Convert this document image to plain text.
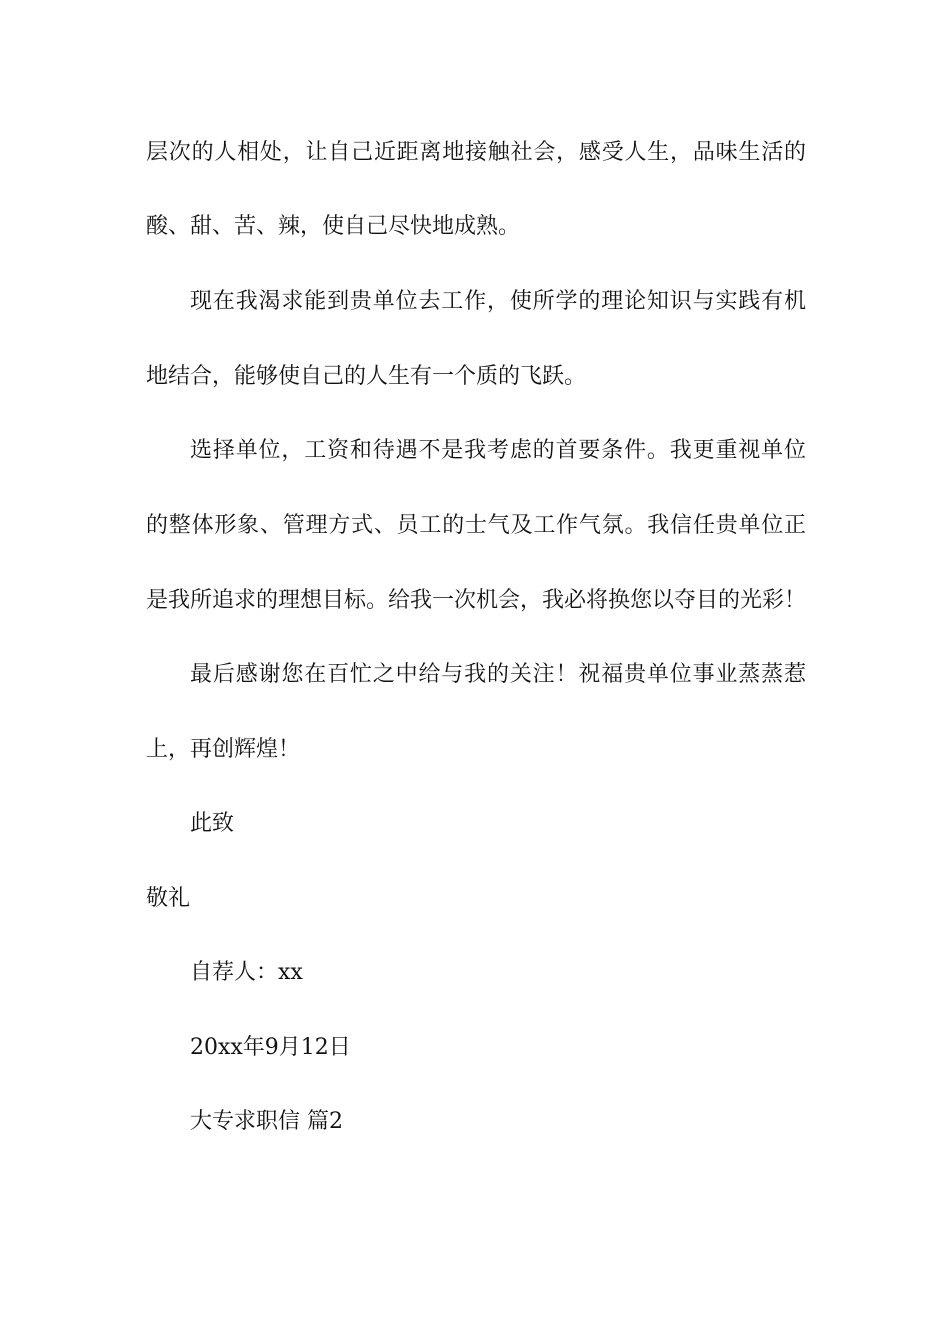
层次的人相处，让自己近距离地接触社会，感受人生，品味生活的
酸、甜、苦、辣，使自己尽快地成熟。
现在我渴求能到贵单位去工作，使所学的理论知识与实践有机
地结合，能够使自己的人生有一个质的飞跃。
选择单位，工资和待遇不是我考虑的首要条件。我更重视单位
的整体形象、管理方式、员工的士气及工作气氛。我信任贵单位正
是我所追求的理想目标。给我一次机会，我必将换您以夺目的光彩！
最后感谢您在百忙之中给与我的关注！祝福贵单位事业蒸蒸惹
上，再创辉煌！
此致
敬礼
自荐人：xx
20xx年9月12日
大专求职信 篇2
